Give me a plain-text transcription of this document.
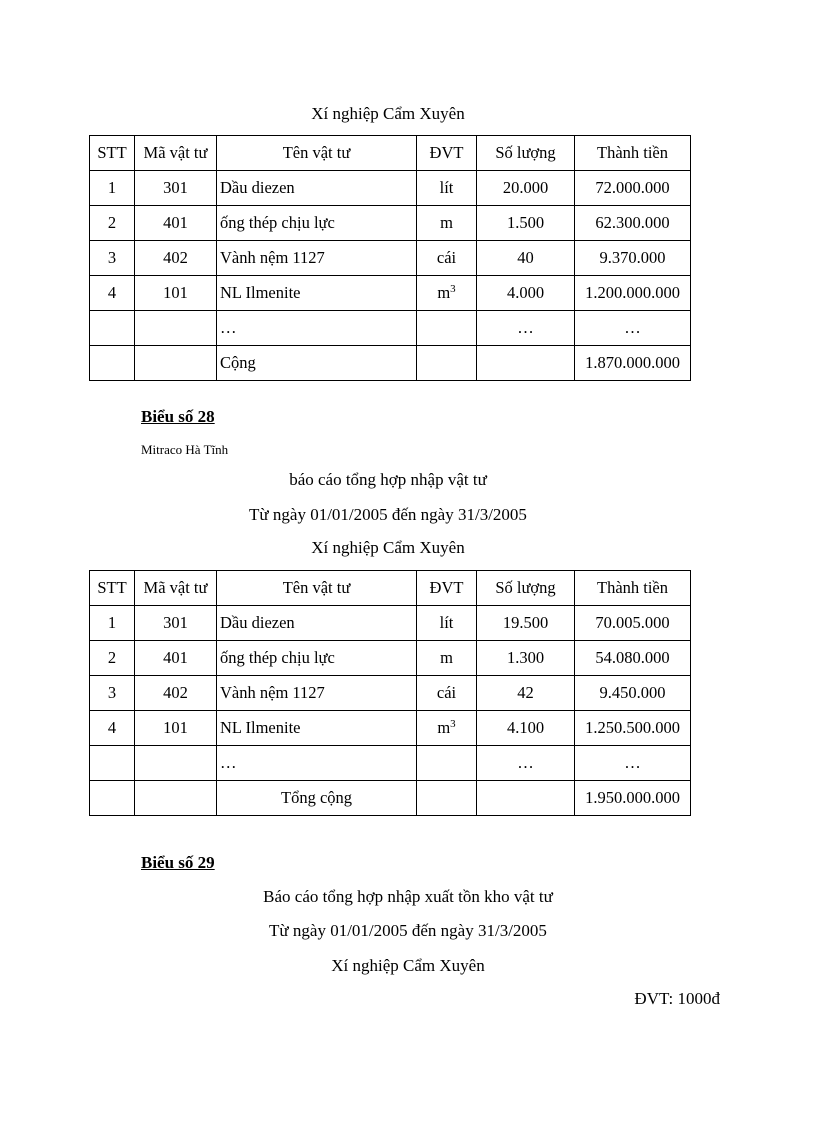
Xí nghiệp Cẩm Xuyên
STT	Mã vật tư	Tên vật tư	ĐVT	Số lượng	Thành tiền
1	301	Dầu diezen	lít	20.000	72.000.000
2	401	ống thép chịu lực	m	1.500	62.300.000
3	402	Vành nệm 1127	cái	40	9.370.000
4	101	NL Ilmenite	$m^3$	4.000	1.200.000.000
		…		…	…
		Cộng			1.870.000.000
Biểu số 28
Mitraco Hà Tĩnh
báo cáo tổng hợp nhập vật tư
Từ ngày 01/01/2005 đến ngày 31/3/2005
Xí nghiệp Cẩm Xuyên
STT	Mã vật tư	Tên vật tư	ĐVT	Số lượng	Thành tiền
1	301	Dầu diezen	lít	19.500	70.005.000
2	401	ống thép chịu lực	m	1.300	54.080.000
3	402	Vành nệm 1127	cái	42	9.450.000
4	101	NL Ilmenite	$m^3$	4.100	1.250.500.000
		…		…	…
		Tổng cộng			1.950.000.000
Biểu số 29
Báo cáo tổng hợp nhập xuất tồn kho vật tư
Từ ngày 01/01/2005 đến ngày 31/3/2005
Xí nghiệp Cẩm Xuyên
ĐVT: 1000đ
